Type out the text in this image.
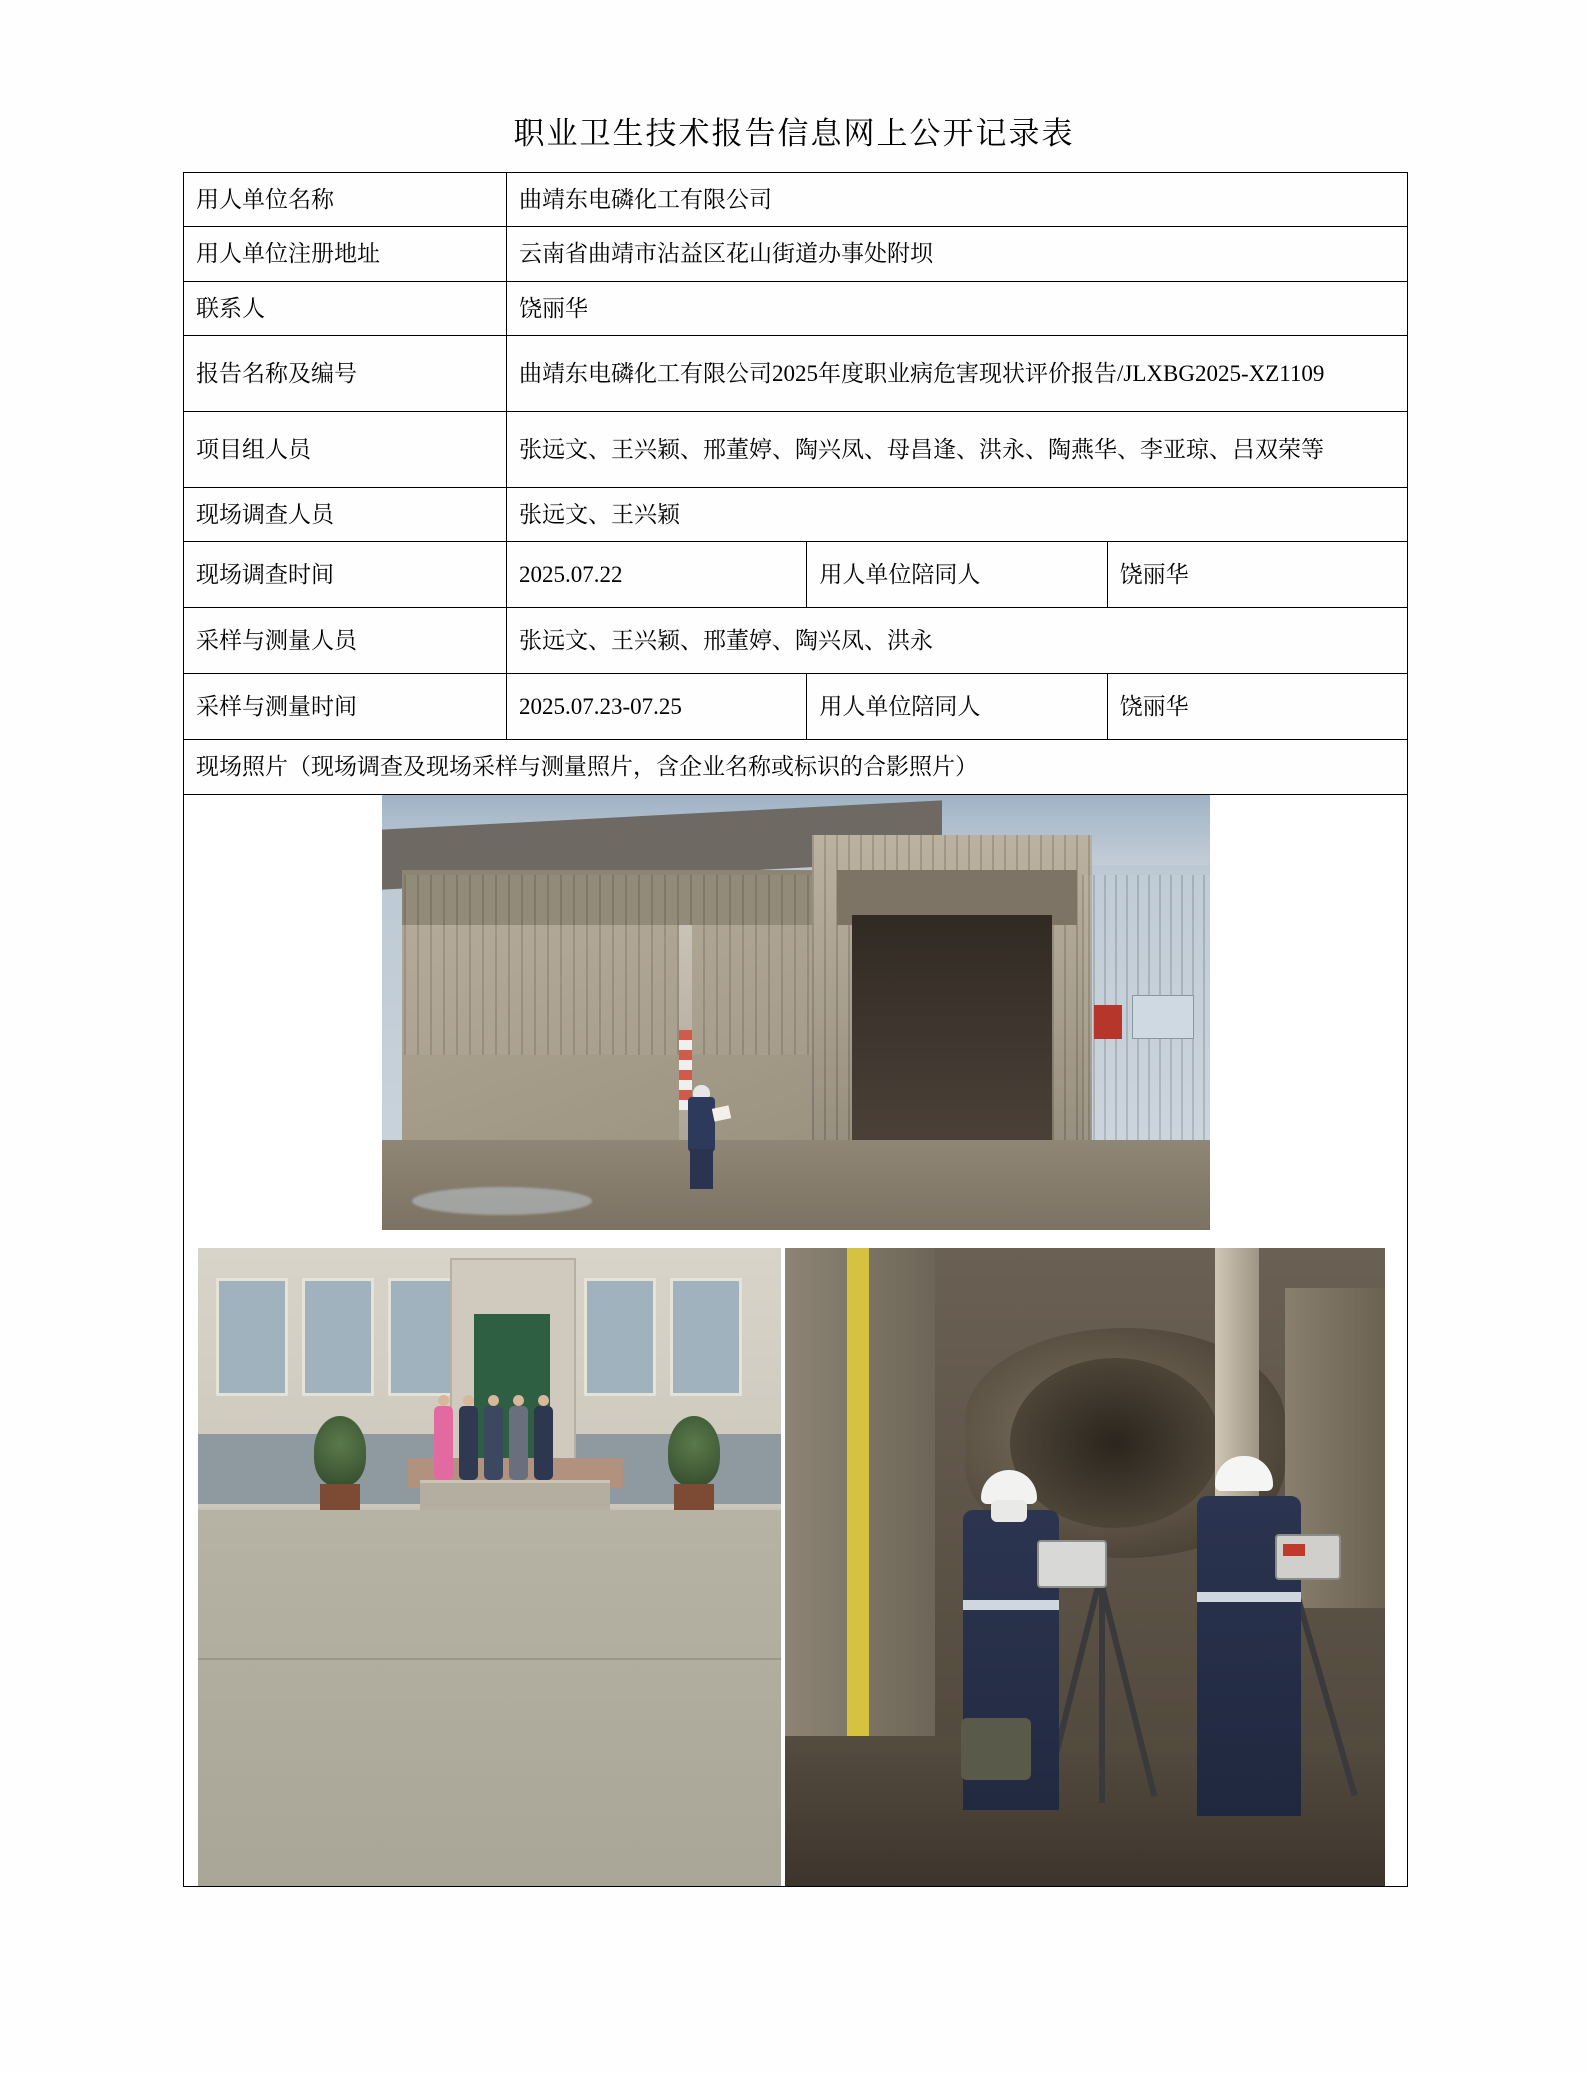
职业卫生技术报告信息网上公开记录表
用人单位名称	曲靖东电磷化工有限公司		
用人单位注册地址	云南省曲靖市沾益区花山街道办事处附坝		
联系人	饶丽华		
报告名称及编号	曲靖东电磷化工有限公司2025年度职业病危害现状评价报告/JLXBG2025-XZ1109		
项目组人员	张远文、王兴颖、邢董婷、陶兴凤、母昌逢、洪永、陶燕华、李亚琼、吕双荣等		
现场调查人员	张远文、王兴颖		
现场调查时间	2025.07.22	用人单位陪同人	饶丽华
采样与测量人员	张远文、王兴颖、邢董婷、陶兴凤、洪永		
采样与测量时间	2025.07.23-07.25	用人单位陪同人	饶丽华
现场照片（现场调查及现场采样与测量照片，含企业名称或标识的合影照片）			
